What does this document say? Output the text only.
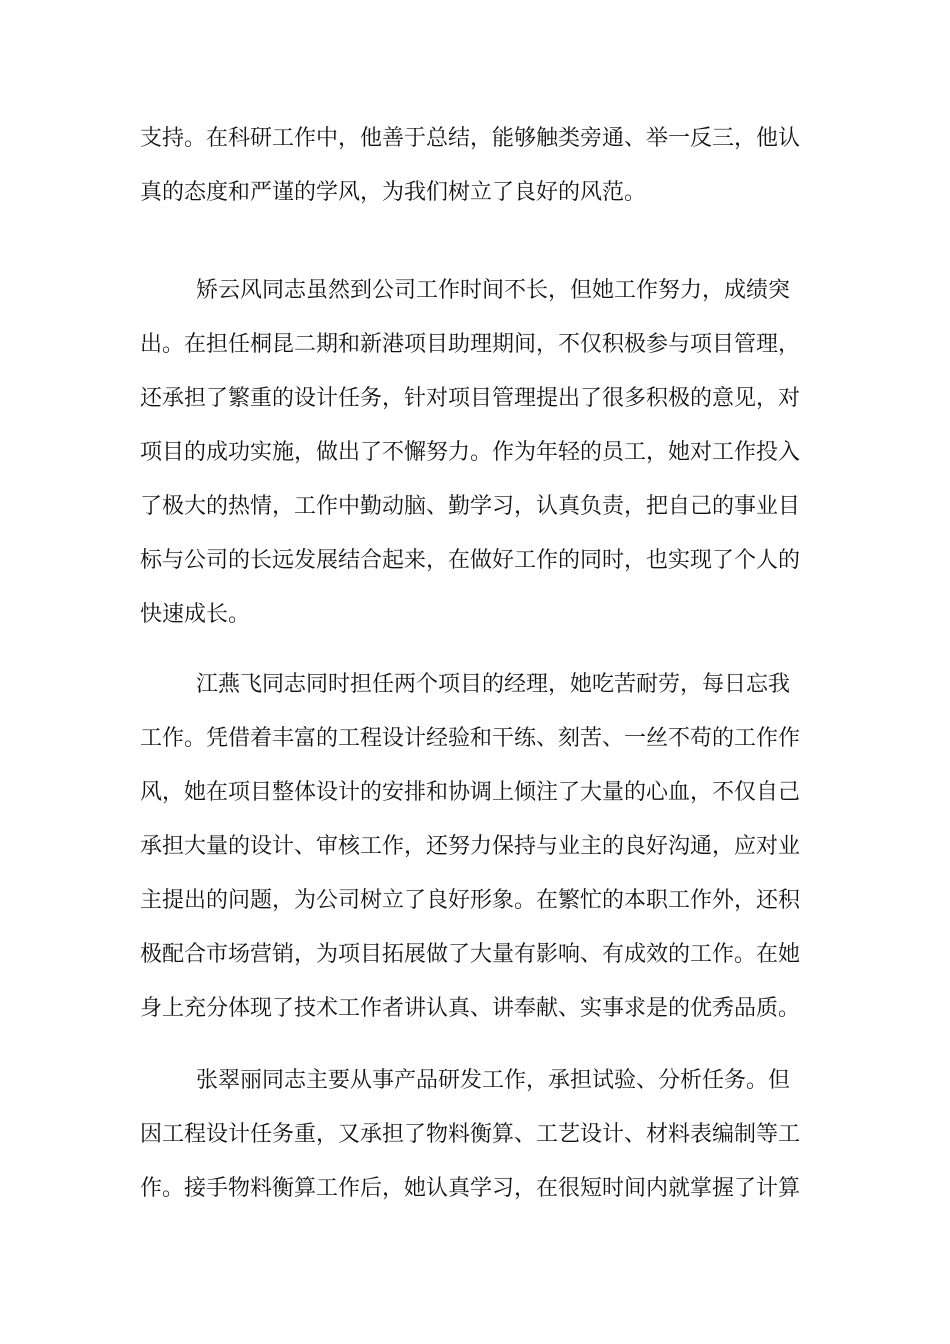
支持。在科研工作中，他善于总结，能够触类旁通、举一反三，他认
真的态度和严谨的学风，为我们树立了良好的风范。
矫云风同志虽然到公司工作时间不长，但她工作努力，成绩突
出。在担任桐昆二期和新港项目助理期间，不仅积极参与项目管理，
还承担了繁重的设计任务，针对项目管理提出了很多积极的意见，对
项目的成功实施，做出了不懈努力。作为年轻的员工，她对工作投入
了极大的热情，工作中勤动脑、勤学习，认真负责，把自己的事业目
标与公司的长远发展结合起来，在做好工作的同时，也实现了个人的
快速成长。
江燕飞同志同时担任两个项目的经理，她吃苦耐劳，每日忘我
工作。凭借着丰富的工程设计经验和干练、刻苦、一丝不苟的工作作
风，她在项目整体设计的安排和协调上倾注了大量的心血，不仅自己
承担大量的设计、审核工作，还努力保持与业主的良好沟通，应对业
主提出的问题，为公司树立了良好形象。在繁忙的本职工作外，还积
极配合市场营销，为项目拓展做了大量有影响、有成效的工作。在她
身上充分体现了技术工作者讲认真、讲奉献、实事求是的优秀品质。
张翠丽同志主要从事产品研发工作，承担试验、分析任务。但
因工程设计任务重，又承担了物料衡算、工艺设计、材料表编制等工
作。接手物料衡算工作后，她认真学习，在很短时间内就掌握了计算
